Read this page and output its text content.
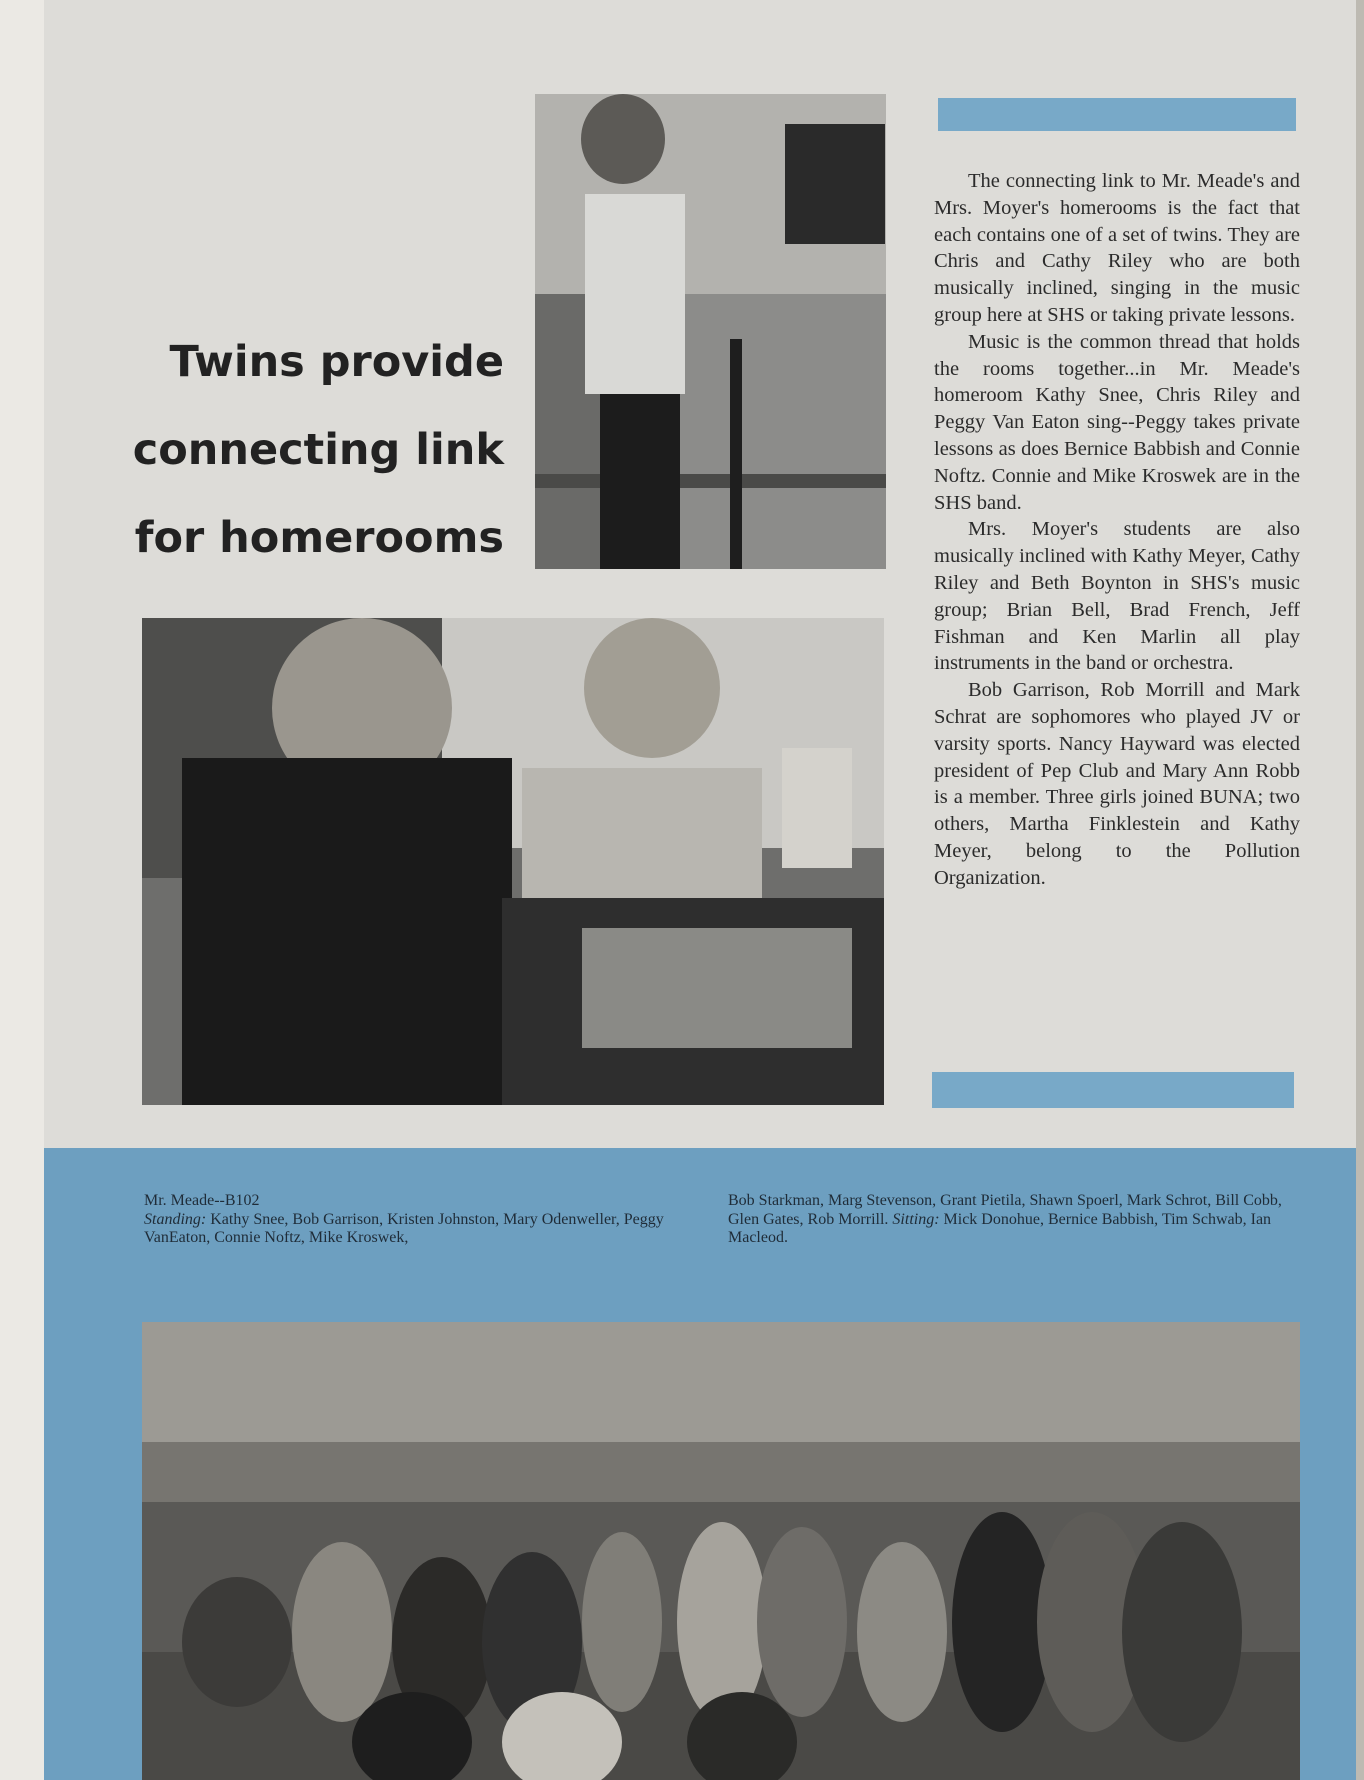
Twins provide
connecting link
for homerooms

The connecting link to Mr. Meade's and Mrs. Moyer's homerooms is the fact that each contains one of a set of twins. They are Chris and Cathy Riley who are both musically inclined, singing in the music group here at SHS or taking private lessons.

Music is the common thread that holds the rooms together...in Mr. Meade's homeroom Kathy Snee, Chris Riley and Peggy Van Eaton sing--Peggy takes private lessons as does Bernice Babbish and Connie Noftz. Connie and Mike Kroswek are in the SHS band.

Mrs. Moyer's students are also musically inclined with Kathy Meyer, Cathy Riley and Beth Boynton in SHS's music group; Brian Bell, Brad French, Jeff Fishman and Ken Marlin all play instruments in the band or orchestra.

Bob Garrison, Rob Morrill and Mark Schrat are sophomores who played JV or varsity sports. Nancy Hayward was elected president of Pep Club and Mary Ann Robb is a member. Three girls joined BUNA; two others, Martha Finklestein and Kathy Meyer, belong to the Pollution Organization.

Mr. Meade--B102

Standing: Kathy Snee, Bob Garrison, Kristen Johnston, Mary Odenweller, Peggy VanEaton, Connie Noftz, Mike Kroswek,

Bob Starkman, Marg Stevenson, Grant Pietila, Shawn Spoerl, Mark Schrot, Bill Cobb, Glen Gates, Rob Morrill. Sitting: Mick Donohue, Bernice Babbish, Tim Schwab, Ian Macleod.
